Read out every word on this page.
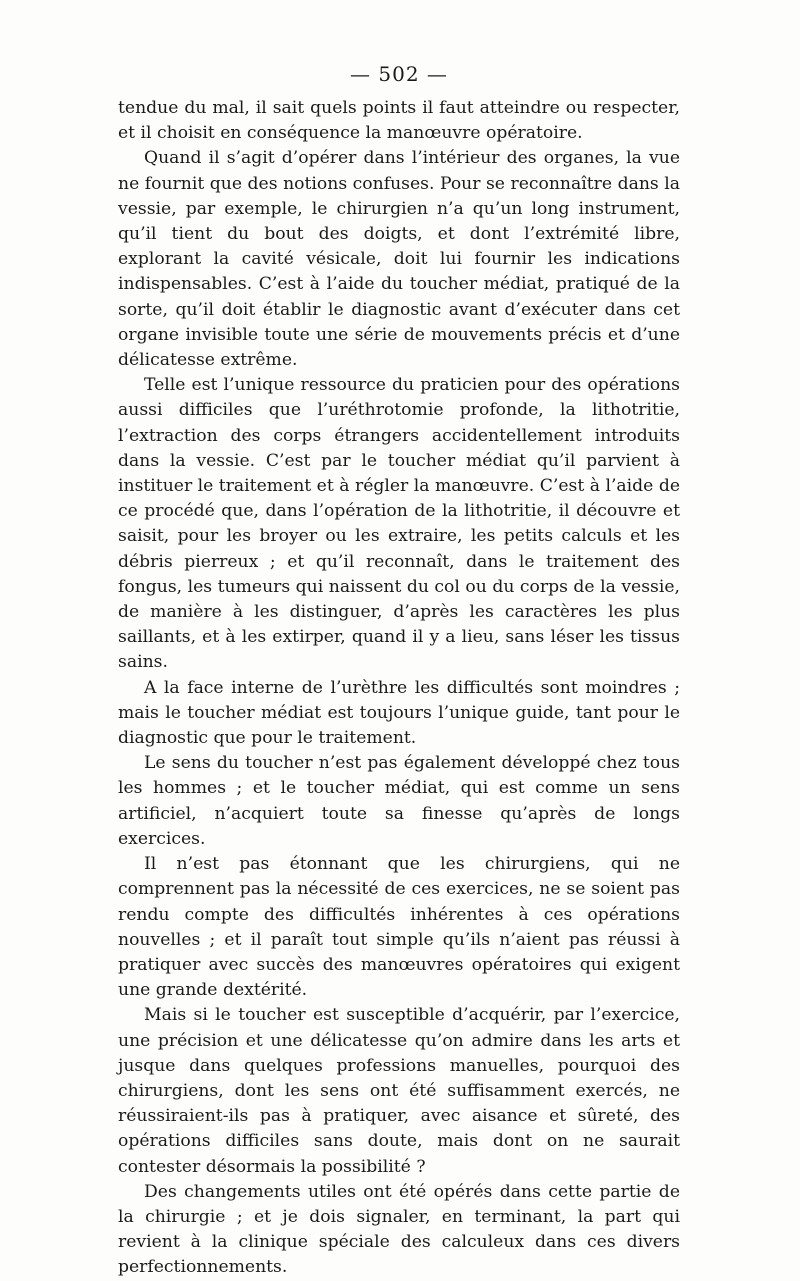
— 502 —

tendue du mal, il sait quels points il faut atteindre ou respecter, et il choisit en conséquence la manœuvre opératoire.

Quand il s’agit d’opérer dans l’intérieur des organes, la vue ne fournit que des notions confuses. Pour se reconnaître dans la vessie, par exemple, le chirurgien n’a qu’un long instrument, qu’il tient du bout des doigts, et dont l’extrémité libre, explorant la cavité vésicale, doit lui fournir les indications indispensables. C’est à l’aide du toucher médiat, pratiqué de la sorte, qu’il doit établir le diagnostic avant d’exécuter dans cet organe invisible toute une série de mouvements précis et d’une délicatesse extrême.

Telle est l’unique ressource du praticien pour des opérations aussi difficiles que l’uréthrotomie profonde, la lithotritie, l’extraction des corps étrangers accidentellement introduits dans la vessie. C’est par le toucher médiat qu’il parvient à instituer le traitement et à régler la manœuvre. C’est à l’aide de ce procédé que, dans l’opération de la lithotritie, il découvre et saisit, pour les broyer ou les extraire, les petits calculs et les débris pierreux ; et qu’il reconnaît, dans le traitement des fongus, les tumeurs qui naissent du col ou du corps de la vessie, de manière à les distinguer, d’après les caractères les plus saillants, et à les extirper, quand il y a lieu, sans léser les tissus sains.

A la face interne de l’urèthre les difficultés sont moindres ; mais le toucher médiat est toujours l’unique guide, tant pour le diagnostic que pour le traitement.

Le sens du toucher n’est pas également développé chez tous les hommes ; et le toucher médiat, qui est comme un sens artificiel, n’acquiert toute sa finesse qu’après de longs exercices.

Il n’est pas étonnant que les chirurgiens, qui ne comprennent pas la nécessité de ces exercices, ne se soient pas rendu compte des difficultés inhérentes à ces opérations nouvelles ; et il paraît tout simple qu’ils n’aient pas réussi à pratiquer avec succès des manœuvres opératoires qui exigent une grande dextérité.

Mais si le toucher est susceptible d’acquérir, par l’exercice, une précision et une délicatesse qu’on admire dans les arts et jusque dans quelques professions manuelles, pourquoi des chirurgiens, dont les sens ont été suffisamment exercés, ne réussiraient-ils pas à pratiquer, avec aisance et sûreté, des opérations difficiles sans doute, mais dont on ne saurait contester désormais la possibilité ?

Des changements utiles ont été opérés dans cette partie de la chirurgie ; et je dois signaler, en terminant, la part qui revient à la clinique spéciale des calculeux dans ces divers perfectionnements.
